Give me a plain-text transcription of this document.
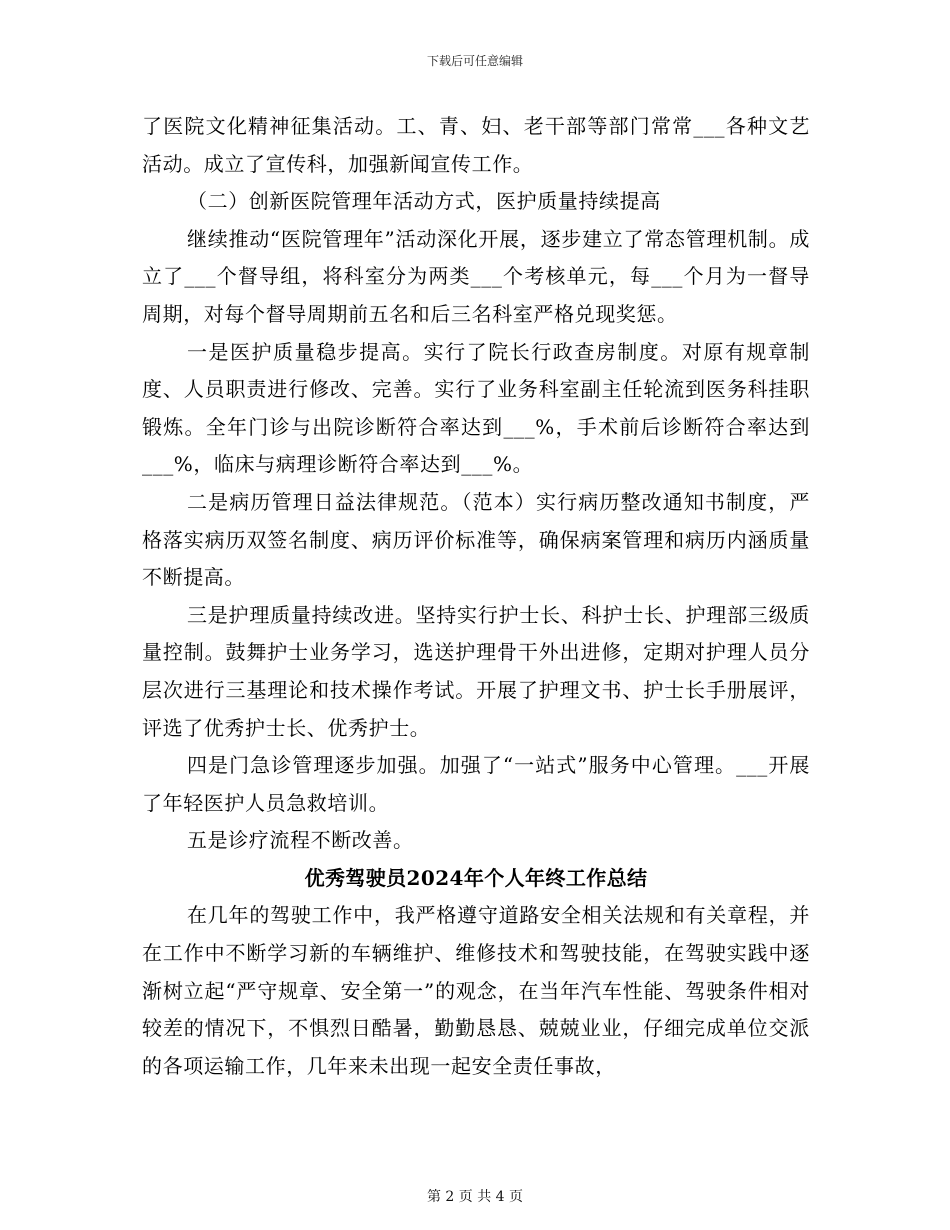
下载后可任意编辑

了医院文化精神征集活动。工、青、妇、老干部等部门常常___各种文艺活动。成立了宣传科，加强新闻宣传工作。

（二）创新医院管理年活动方式，医护质量持续提高

继续推动“医院管理年”活动深化开展，逐步建立了常态管理机制。成立了___个督导组，将科室分为两类___个考核单元，每___个月为一督导周期，对每个督导周期前五名和后三名科室严格兑现奖惩。

一是医护质量稳步提高。实行了院长行政查房制度。对原有规章制度、人员职责进行修改、完善。实行了业务科室副主任轮流到医务科挂职锻炼。全年门诊与出院诊断符合率达到___%，手术前后诊断符合率达到___%，临床与病理诊断符合率达到___%。

二是病历管理日益法律规范。（范本）实行病历整改通知书制度，严格落实病历双签名制度、病历评价标准等，确保病案管理和病历内涵质量不断提高。

三是护理质量持续改进。坚持实行护士长、科护士长、护理部三级质量控制。鼓舞护士业务学习，选送护理骨干外出进修，定期对护理人员分层次进行三基理论和技术操作考试。开展了护理文书、护士长手册展评，评选了优秀护士长、优秀护士。

四是门急诊管理逐步加强。加强了“一站式”服务中心管理。___开展了年轻医护人员急救培训。

五是诊疗流程不断改善。

优秀驾驶员2024年个人年终工作总结

在几年的驾驶工作中，我严格遵守道路安全相关法规和有关章程，并在工作中不断学习新的车辆维护、维修技术和驾驶技能，在驾驶实践中逐渐树立起“严守规章、安全第一”的观念，在当年汽车性能、驾驶条件相对较差的情况下，不惧烈日酷暑，勤勤恳恳、兢兢业业，仔细完成单位交派的各项运输工作，几年来未出现一起安全责任事故，

第 2 页 共 4 页
